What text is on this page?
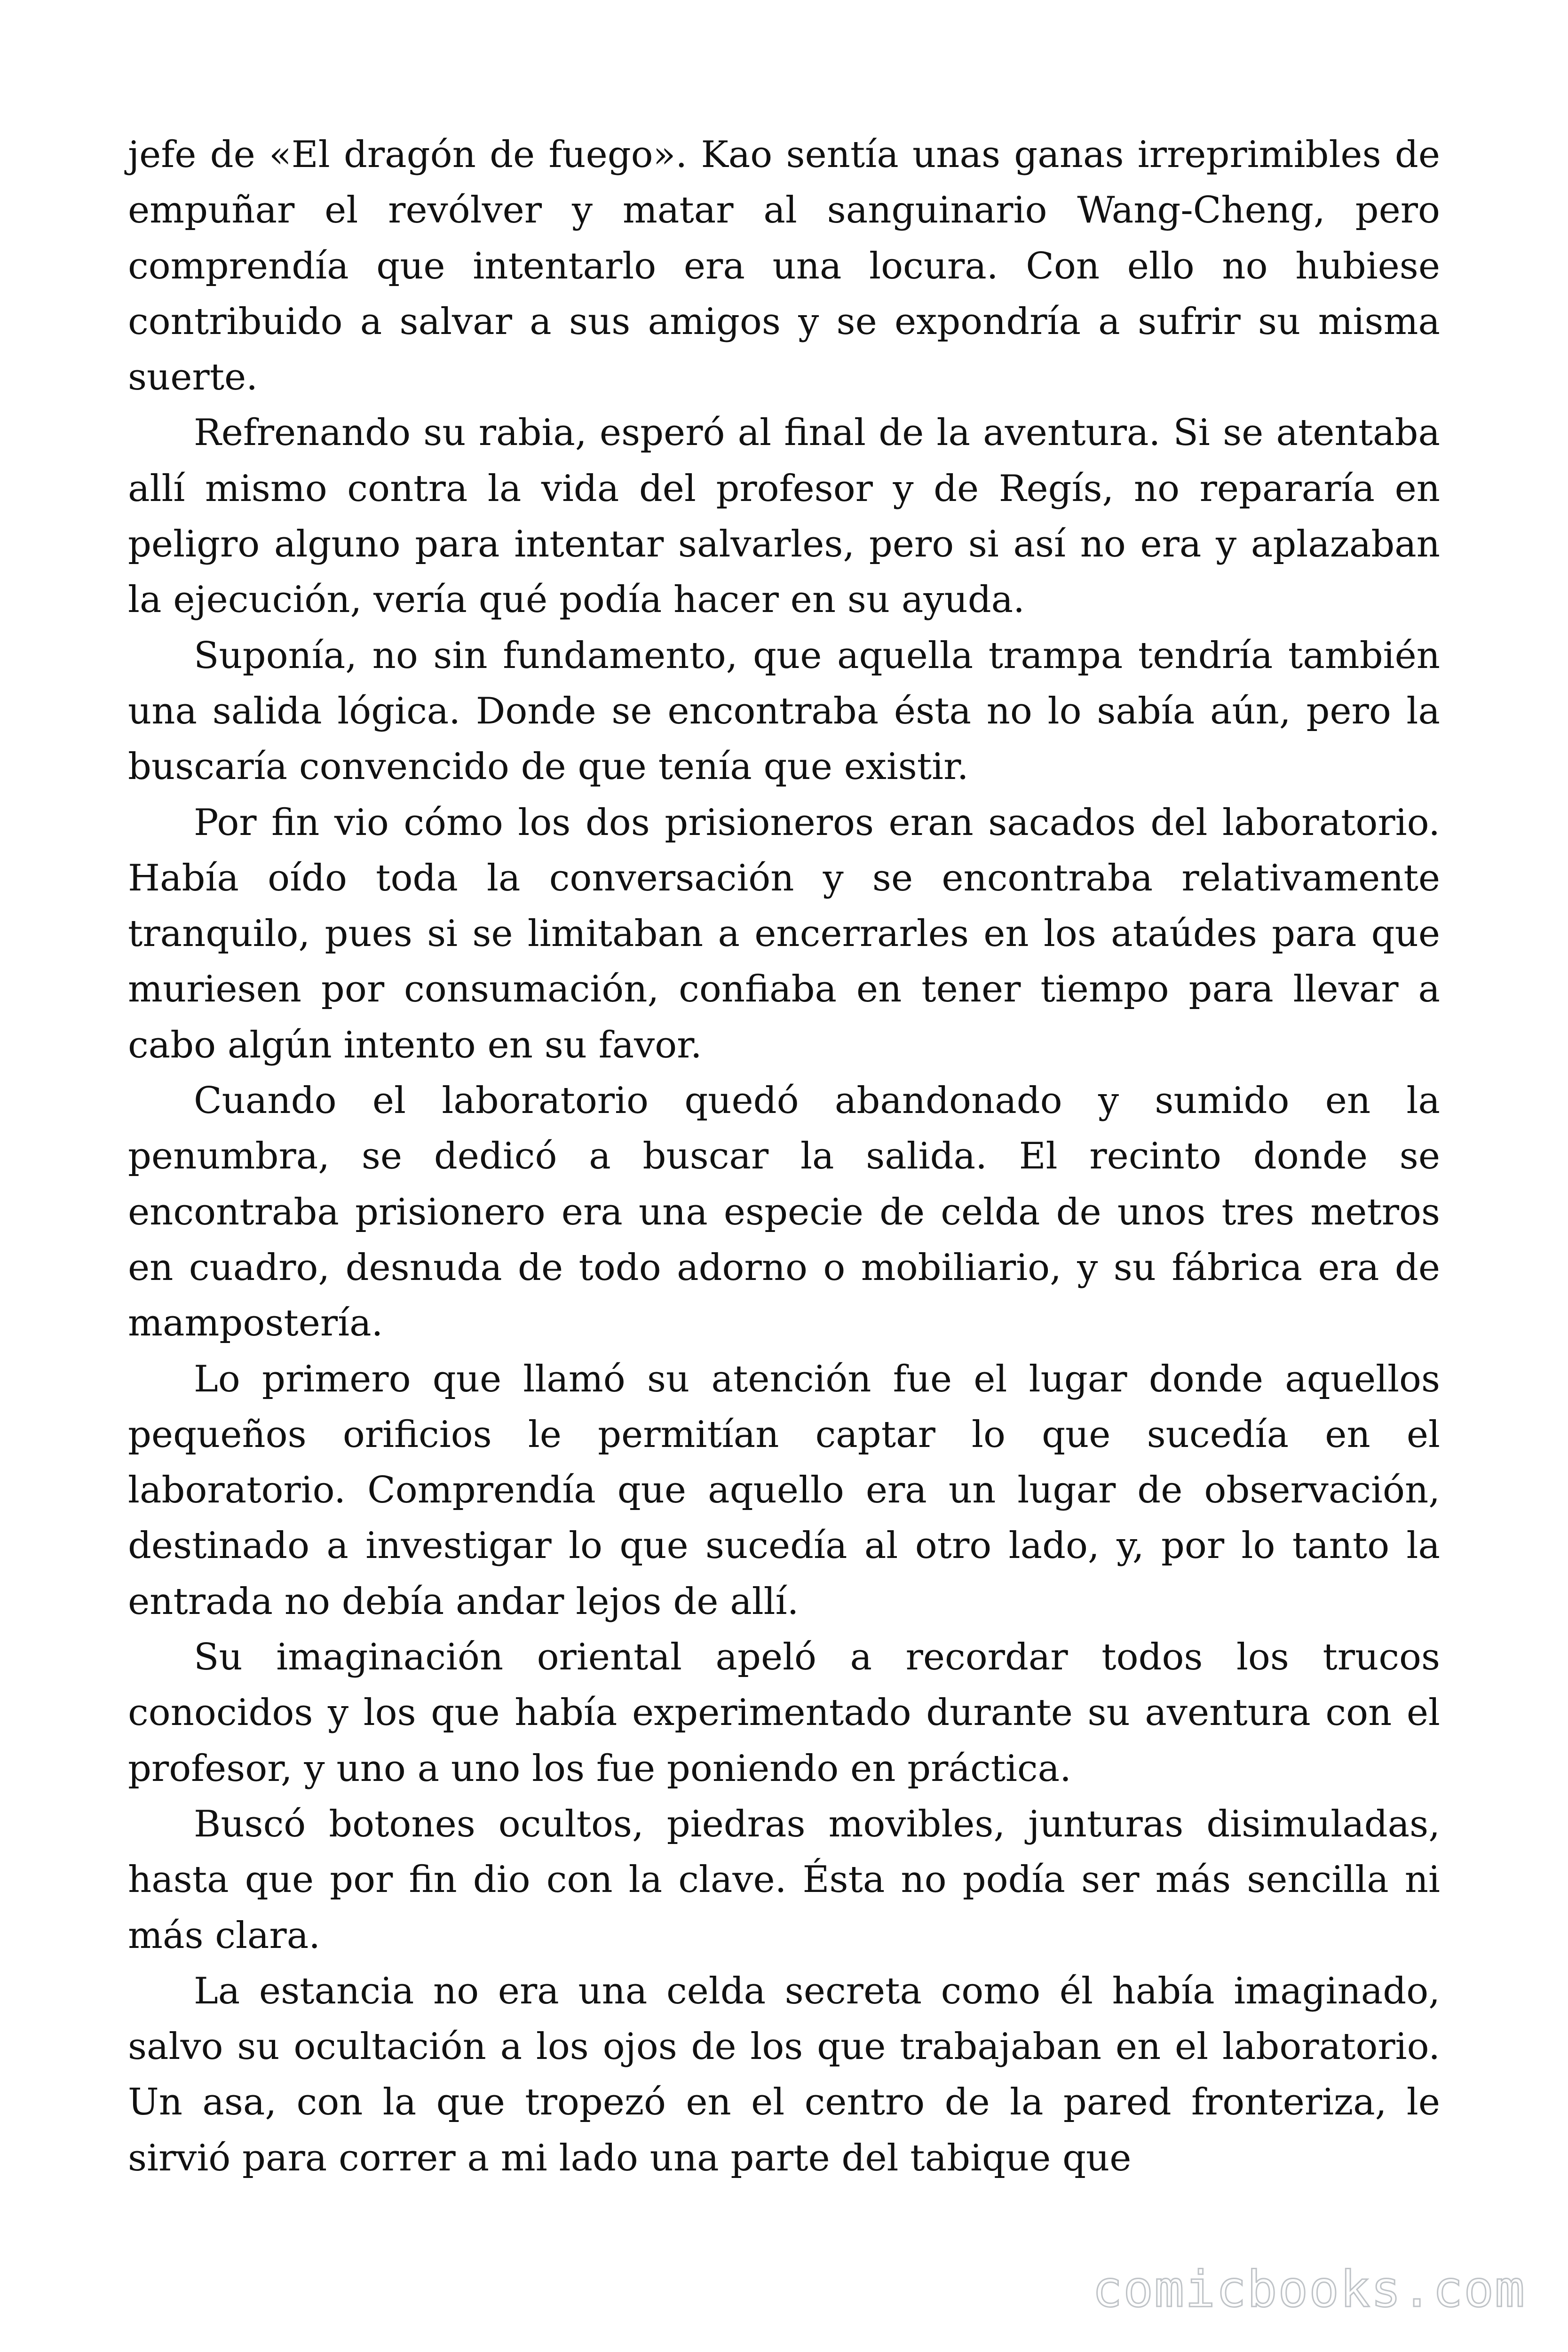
jefe de «El dragón de fuego». Kao sentía unas ganas irreprimibles de empuñar el revólver y matar al sanguinario Wang-Cheng, pero comprendía que intentarlo era una locura. Con ello no hubiese contribuido a salvar a sus amigos y se expondría a sufrir su misma suerte.

Refrenando su rabia, esperó al final de la aventura. Si se atentaba allí mismo contra la vida del profesor y de Regís, no repararía en peligro alguno para intentar salvarles, pero si así no era y aplazaban la ejecución, vería qué podía hacer en su ayuda.

Suponía, no sin fundamento, que aquella trampa tendría también una salida lógica. Donde se encontraba ésta no lo sabía aún, pero la buscaría convencido de que tenía que existir.

Por fin vio cómo los dos prisioneros eran sacados del laboratorio. Había oído toda la conversación y se encontraba relativamente tranquilo, pues si se limitaban a encerrarles en los ataúdes para que muriesen por consumación, confiaba en tener tiempo para llevar a cabo algún intento en su favor.

Cuando el laboratorio quedó abandonado y sumido en la penumbra, se dedicó a buscar la salida. El recinto donde se encontraba prisionero era una especie de celda de unos tres metros en cuadro, desnuda de todo adorno o mobiliario, y su fábrica era de mampostería.

Lo primero que llamó su atención fue el lugar donde aquellos pequeños orificios le permitían captar lo que sucedía en el laboratorio. Comprendía que aquello era un lugar de observación, destinado a investigar lo que sucedía al otro lado, y, por lo tanto la entrada no debía andar lejos de allí.

Su imaginación oriental apeló a recordar todos los trucos conocidos y los que había experimentado durante su aventura con el profesor, y uno a uno los fue poniendo en práctica.

Buscó botones ocultos, piedras movibles, junturas disimuladas, hasta que por fin dio con la clave. Ésta no podía ser más sencilla ni más clara.

La estancia no era una celda secreta como él había imaginado, salvo su ocultación a los ojos de los que trabajaban en el laboratorio. Un asa, con la que tropezó en el centro de la pared fronteriza, le sirvió para correr a mi lado una parte del tabique que

comicbooks.com
